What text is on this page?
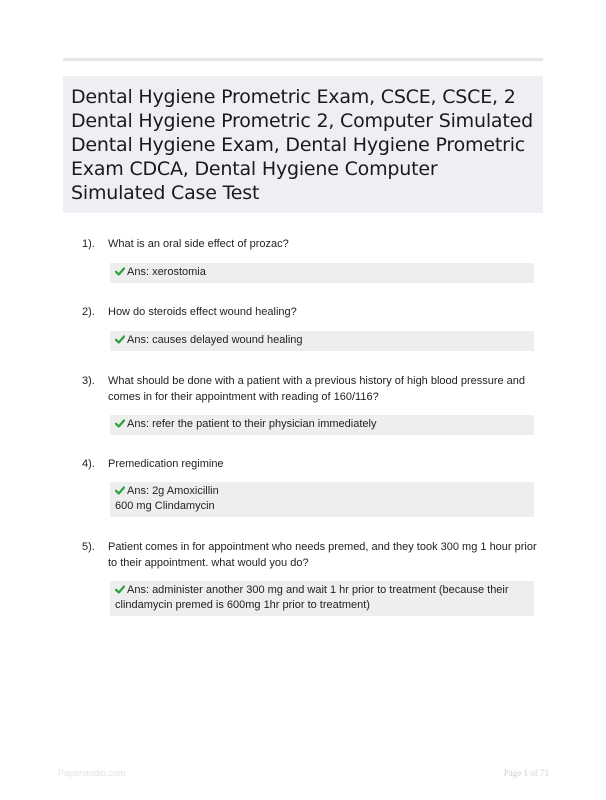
Dental Hygiene Prometric Exam, CSCE, CSCE, 2 Dental Hygiene Prometric 2, Computer Simulated Dental Hygiene Exam, Dental Hygiene Prometric Exam CDCA, Dental Hygiene Computer Simulated Case Test
1).	What is an oral side effect of prozac?
Ans: xerostomia
2).	How do steroids effect wound healing?
Ans: causes delayed wound healing
3).	What should be done with a patient with a previous history of high blood pressure and comes in for their appointment with reading of 160/116?
Ans: refer the patient to their physician immediately
4).	Premedication regimine
Ans: 2g Amoxicillin
600 mg Clindamycin
5).	Patient comes in for appointment who needs premed, and they took 300 mg 1 hour prior to their appointment. what would you do?
Ans: administer another 300 mg and wait 1 hr prior to treatment (because their clindamycin premed is 600mg 1hr prior to treatment)
Paperstudio.com	Page 1 of 71
